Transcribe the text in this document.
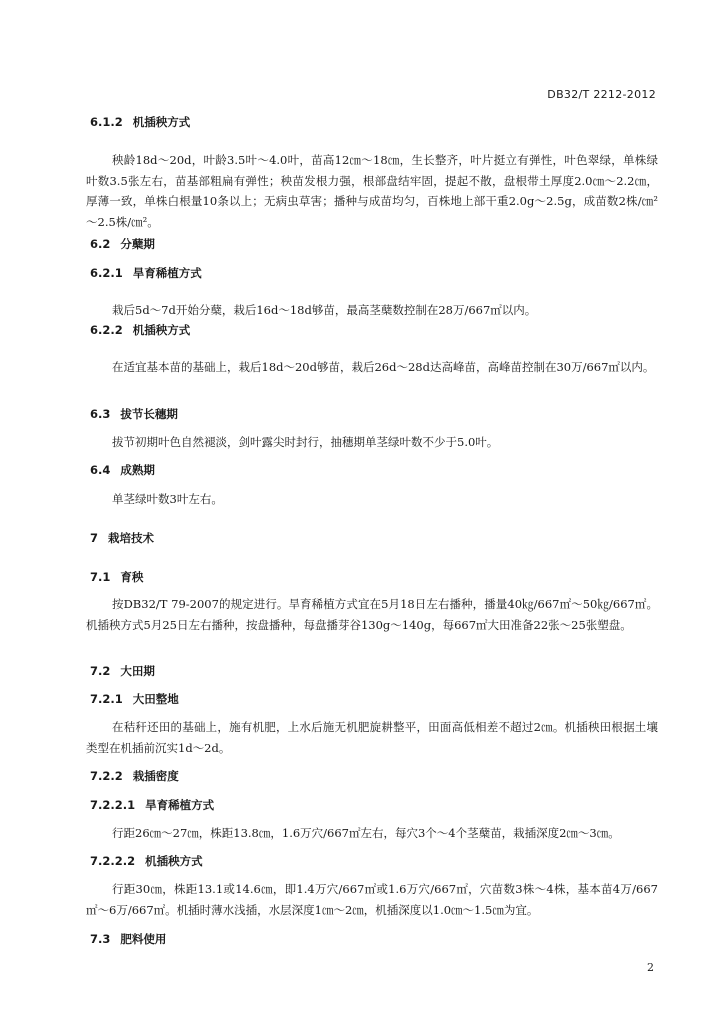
DB32/T 2212-2012
6.1.2 机插秧方式
秧龄18d～20d，叶龄3.5叶～4.0叶，苗高12㎝～18㎝，生长整齐，叶片挺立有弹性，叶色翠绿，单株绿叶数3.5张左右，苗基部粗扁有弹性；秧苗发根力强，根部盘结牢固，提起不散，盘根带土厚度2.0㎝～2.2㎝，厚薄一致，单株白根量10条以上；无病虫草害；播种与成苗均匀，百株地上部干重2.0g～2.5g，成苗数2株/㎝²～2.5株/㎝²。
6.2 分蘖期
6.2.1 旱育稀植方式
栽后5d～7d开始分蘖，栽后16d～18d够苗，最高茎蘖数控制在28万/667㎡以内。
6.2.2 机插秧方式
在适宜基本苗的基础上，栽后18d～20d够苗，栽后26d～28d达高峰苗，高峰苗控制在30万/667㎡以内。
6.3 拔节长穗期
拔节初期叶色自然褪淡，剑叶露尖时封行，抽穗期单茎绿叶数不少于5.0叶。
6.4 成熟期
单茎绿叶数3叶左右。
7 栽培技术
7.1 育秧
按DB32/T 79-2007的规定进行。旱育稀植方式宜在5月18日左右播种，播量40㎏/667㎡～50㎏/667㎡。机插秧方式5月25日左右播种，按盘播种，每盘播芽谷130g～140g，每667㎡大田准备22张～25张塑盘。
7.2 大田期
7.2.1 大田整地
在秸秆还田的基础上，施有机肥，上水后施无机肥旋耕整平，田面高低相差不超过2㎝。机插秧田根据土壤类型在机插前沉实1d～2d。
7.2.2 栽插密度
7.2.2.1 旱育稀植方式
行距26㎝～27㎝，株距13.8㎝，1.6万穴/667㎡左右，每穴3个～4个茎蘖苗，栽插深度2㎝～3㎝。
7.2.2.2 机插秧方式
行距30㎝，株距13.1或14.6㎝，即1.4万穴/667㎡或1.6万穴/667㎡，穴苗数3株～4株，基本苗4万/667㎡～6万/667㎡。机插时薄水浅插，水层深度1㎝～2㎝，机插深度以1.0㎝～1.5㎝为宜。
7.3 肥料使用
2
